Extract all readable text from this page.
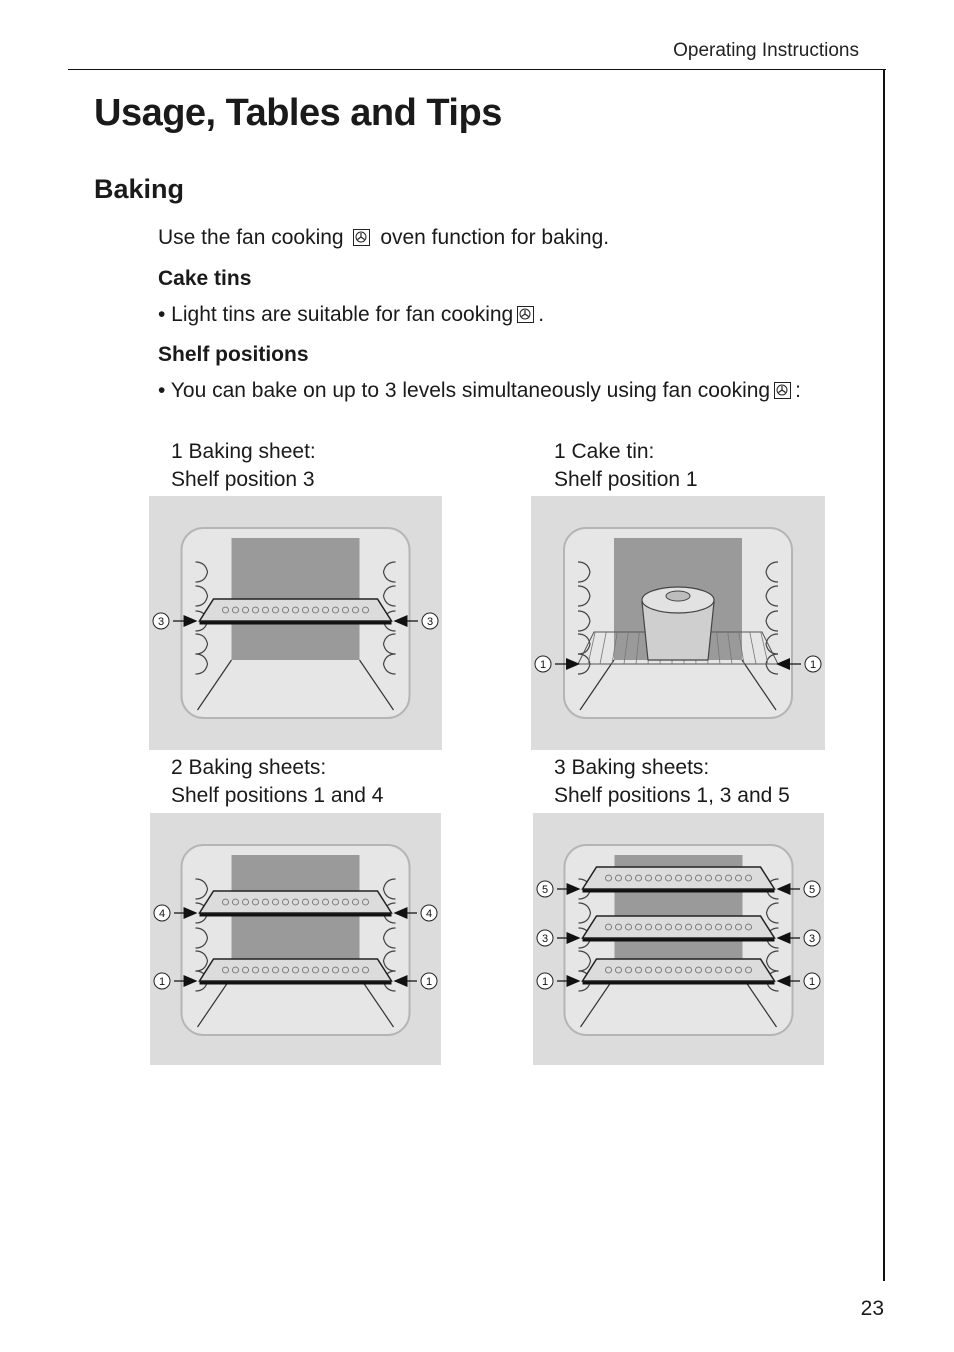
Operating Instructions
Usage, Tables and Tips
Baking
Use the fan cooking oven function for baking.
Cake tins
• Light tins are suitable for fan cooking .
Shelf positions
• You can bake on up to 3 levels simultaneously using fan cooking :
1 Baking sheet:
Shelf position 3
1 Cake tin:
Shelf position 1
2 Baking sheets:
Shelf positions 1 and 4
3 Baking sheets:
Shelf positions 1, 3 and 5
3	3
1	1
4	4
1	1
5	5
3	3
1	1
23
